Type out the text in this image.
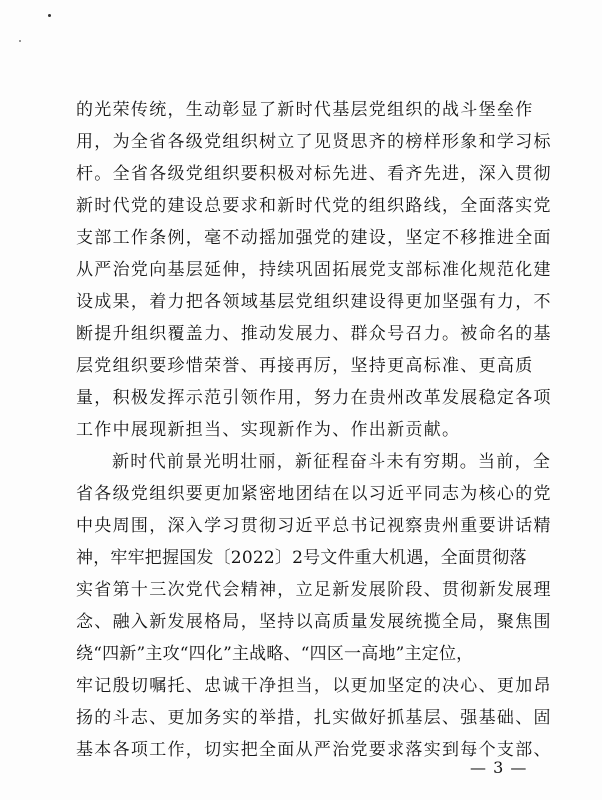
的光荣传统，生动彰显了新时代基层党组织的战斗堡垒作
用，为全省各级党组织树立了见贤思齐的榜样形象和学习标
杆。全省各级党组织要积极对标先进、看齐先进，深入贯彻
新时代党的建设总要求和新时代党的组织路线，全面落实党
支部工作条例，毫不动摇加强党的建设，坚定不移推进全面
从严治党向基层延伸，持续巩固拓展党支部标准化规范化建
设成果，着力把各领域基层党组织建设得更加坚强有力，不
断提升组织覆盖力、推动发展力、群众号召力。被命名的基
层党组织要珍惜荣誉、再接再厉，坚持更高标准、更高质
量，积极发挥示范引领作用，努力在贵州改革发展稳定各项
工作中展现新担当、实现新作为、作出新贡献。
新时代前景光明壮丽，新征程奋斗未有穷期。当前，全
省各级党组织要更加紧密地团结在以习近平同志为核心的党
中央周围，深入学习贯彻习近平总书记视察贵州重要讲话精
神，牢牢把握国发〔2022〕2号文件重大机遇，全面贯彻落
实省第十三次党代会精神，立足新发展阶段、贯彻新发展理
念、融入新发展格局，坚持以高质量发展统揽全局，聚焦围
绕“四新”主攻“四化”主战略、“四区一高地”主定位，
牢记殷切嘱托、忠诚干净担当，以更加坚定的决心、更加昂
扬的斗志、更加务实的举措，扎实做好抓基层、强基础、固
基本各项工作，切实把全面从严治党要求落实到每个支部、
— 3 —
